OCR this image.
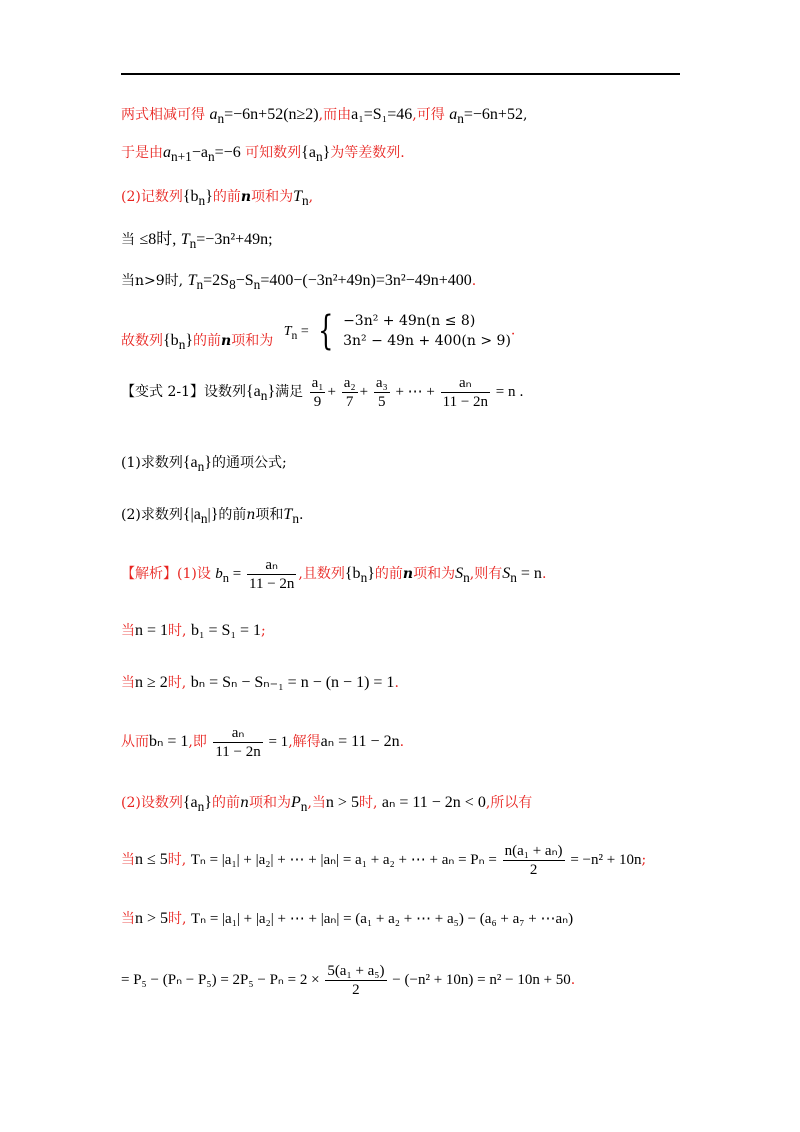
两式相减可得 $a_n=-6n+52(n\ge 2)$,而由a₁=S₁=46,可得 $a_n=-6n+52$,
于是由$a_{n+1}-a_n=-6$ 可知数列$\{a_n\}$为等差数列.
(2)记数列$\{b_n\}$的前n项和为$T_n$,
当 ≤8时, $T_n=-3n^2+49n$;
当n>9时, $T_n=2S_8-S_n=400-(-3n^2+49n)=3n^2-49n+400$.
故数列$\{b_n\}$的前n项和为 $T_n$ = { −3n² + 49n(n ≤ 8)
3n² − 49n + 400(n > 9)
.
【变式 2-1】设数列$\{a_n\}$满足 $\frac{\text{a₁}}{9} + \frac{\text{a₂}}{7} + \frac{\text{a₃}}{5}$ + ⋯ + $\frac{\text{aₙ}}{11 - 2n} = n$ .
(1)求数列$\{a_n\}$的通项公式;
(2)求数列$\{|a_n|\}$的前n项和$T_n$.
【解析】(1)设 $b_n = \frac{\text{aₙ}}{11 - 2n}$ ,且数列$\{b_n\}$的前n项和为$S_n$,则有$S_n = n$.
当n = 1时, b₁ = S₁ = 1;
当n ≥ 2时, bₙ = Sₙ − Sₙ₋₁ = n − (n − 1) = 1.
从而bₙ = 1,即 $\frac{\text{aₙ}}{11 - 2n} = 1$,解得aₙ = 11 − 2n.
(2)设数列$\{a_n\}$的前n项和为$P_n$,当n > 5时, aₙ = 11 − 2n < 0,所以有
当n ≤ 5时, Tₙ = |a₁| + |a₂| + ⋯ + |aₙ| = a₁ + a₂ + ⋯ + $a_n = P_n = \frac{\text{n(a₁ + aₙ)}}{2} = -n^2 + 10n$;
当n > 5时, Tₙ = |a₁| + |a₂| + ⋯ + |aₙ| = (a₁ + a₂ + ⋯ + a₅) − (a₆ + a₇ + ⋯aₙ)
= $P_5 - (P_n - P_5) = 2P_5 - P_n = 2 \times \frac{\text{5(a₁ + a₅)}}{2} - (-n^2 + 10n) = n^2 - 10n + 50$.
